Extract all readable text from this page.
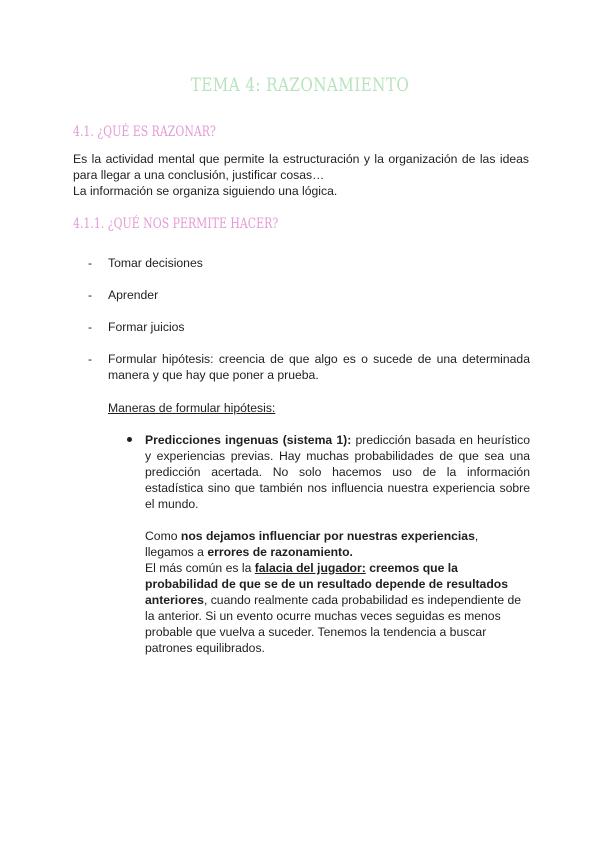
TEMA 4: RAZONAMIENTO
4.1. ¿QUÉ ES RAZONAR?

Es la actividad mental que permite la estructuración y la organización de las ideas para llegar a una conclusión, justificar cosas…

La información se organiza siguiendo una lógica.

4.1.1. ¿QUÉ NOS PERMITE HACER?
- Tomar decisiones
- Aprender
- Formar juicios
- Formular hipótesis: creencia de que algo es o sucede de una determinada manera y que hay que poner a prueba.

Maneras de formular hipótesis:

Predicciones ingenuas (sistema 1): predicción basada en heurístico y experiencias previas. Hay muchas probabilidades de que sea una predicción acertada. No solo hacemos uso de la información estadística sino que también nos influencia nuestra experiencia sobre el mundo.

Como nos dejamos influenciar por nuestras experiencias, llegamos a errores de razonamiento.

El más común es la falacia del jugador: creemos que la probabilidad de que se de un resultado depende de resultados anteriores, cuando realmente cada probabilidad es independiente de la anterior. Si un evento ocurre muchas veces seguidas es menos probable que vuelva a suceder. Tenemos la tendencia a buscar patrones equilibrados.
